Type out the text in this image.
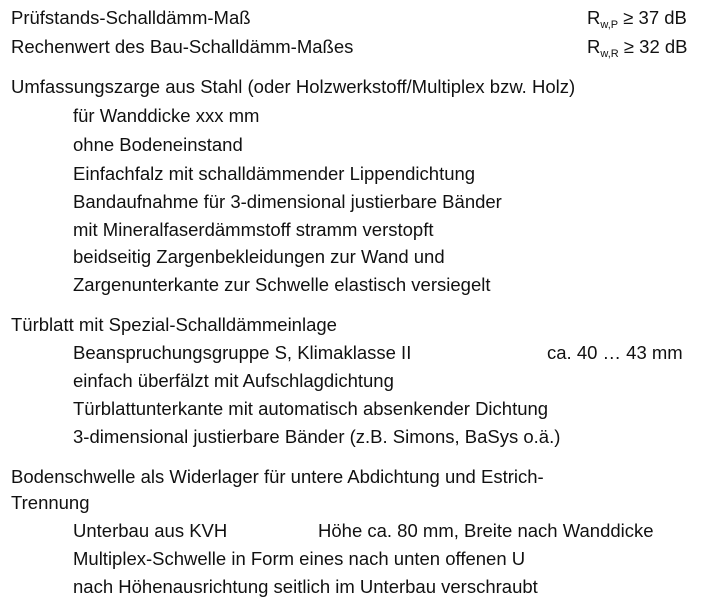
Prüfstands-Schalldämm-Maß	$R_{w,P} \ge 37$ dB
Rechenwert des Bau-Schalldämm-Maßes	$R_{w,R} \ge 32$ dB
Umfassungszarge aus Stahl (oder Holzwerkstoff/Multiplex bzw. Holz)
für Wanddicke xxx mm
ohne Bodeneinstand
Einfachfalz mit schalldämmender Lippendichtung
Bandaufnahme für 3-dimensional justierbare Bänder
mit Mineralfaserdämmstoff stramm verstopft
beidseitig Zargenbekleidungen zur Wand und
Zargenunterkante zur Schwelle elastisch versiegelt
Türblatt mit Spezial-Schalldämmeinlage
Beanspruchungsgruppe S, Klimaklasse II	ca. 40 … 43 mm
einfach überfälzt mit Aufschlagdichtung
Türblattunterkante mit automatisch absenkender Dichtung
3-dimensional justierbare Bänder (z.B. Simons, BaSys o.ä.)
Bodenschwelle als Widerlager für untere Abdichtung und Estrich-
Trennung
Unterbau aus KVH	Höhe ca. 80 mm, Breite nach Wanddicke
Multiplex-Schwelle in Form eines nach unten offenen U
nach Höhenausrichtung seitlich im Unterbau verschraubt
